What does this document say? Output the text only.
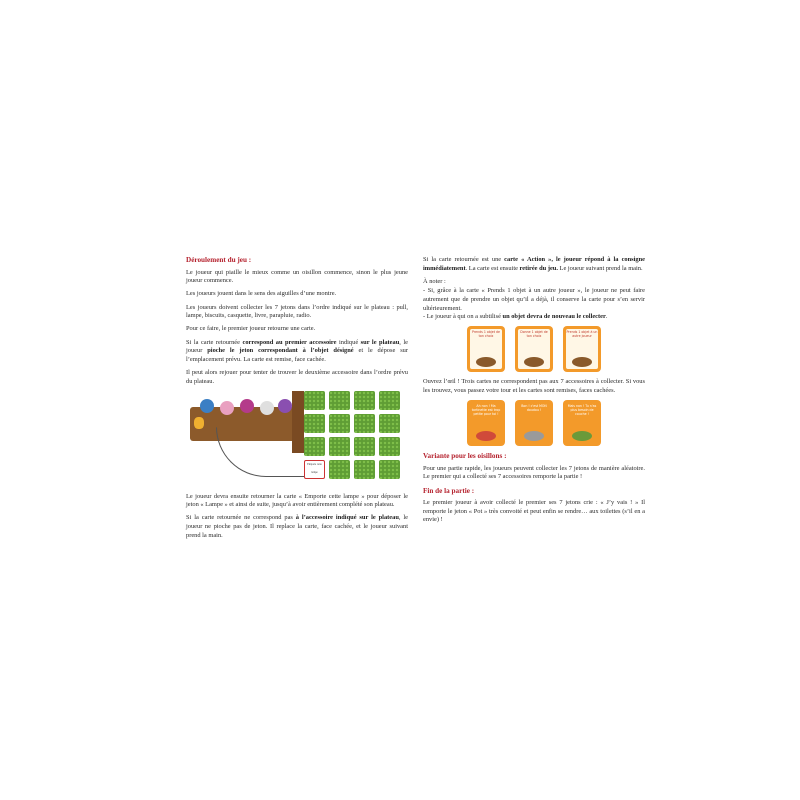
Déroulement du jeu :

Le joueur qui piaille le mieux comme un oisillon commence, sinon le plus jeune joueur commence.

Les joueurs jouent dans le sens des aiguilles d’une montre.

Les joueurs doivent collecter les 7 jetons dans l’ordre indiqué sur le plateau : pull, lampe, biscuits, casquette, livre, parapluie, radio.

Pour ce faire, le premier joueur retourne une carte.

Si la carte retournée correspond au premier accessoire indiqué sur le plateau, le joueur pioche le jeton correspondant à l’objet désigné et le dépose sur l’emplacement prévu. La carte est remise, face cachée.

Il peut alors rejouer pour tenter de trouver le deuxième accessoire dans l’ordre prévu du plateau.

Emporte cette lampe

Le joueur devra ensuite retourner la carte « Emporte cette lampe » pour déposer le jeton « Lampe » et ainsi de suite, jusqu’à avoir entièrement complété son plateau.

Si la carte retournée ne correspond pas à l’accessoire indiqué sur le plateau, le joueur ne pioche pas de jeton. Il replace la carte, face cachée, et le joueur suivant prend la main.

Si la carte retournée est une carte « Action », le joueur répond à la consigne immédiatement. La carte est ensuite retirée du jeu. Le joueur suivant prend la main.

À noter :

- Si, grâce à la carte « Prends 1 objet à un autre joueur », le joueur ne peut faire autrement que de prendre un objet qu’il a déjà, il conserve la carte pour s’en servir ultérieurement.

- Le joueur à qui on a subtilisé un objet devra de nouveau le collecter.

Prends 1 objet de ton choix
Donne 1 objet de ton choix
Prends 1 objet à un autre joueur

Ouvrez l’œil ! Trois cartes ne correspondent pas aux 7 accessoires à collecter. Si vous les trouvez, vous passez votre tour et les cartes sont remises, faces cachées.

Ah non ! Ma tortinette est trop petite pour toi !
Bon ! c'est MON doudou !
Mais non ! Tu n'as plus besoin de couche !
Variante pour les oisillons :

Pour une partie rapide, les joueurs peuvent collecter les 7 jetons de manière aléatoire. Le premier qui a collecté ses 7 accessoires remporte la partie !

Fin de la partie :

Le premier joueur à avoir collecté le premier ses 7 jetons crie : « J’y vais ! » Il remporte le jeton « Pot » très convoité et peut enfin se rendre… aux toilettes (s’il en a envie) !
